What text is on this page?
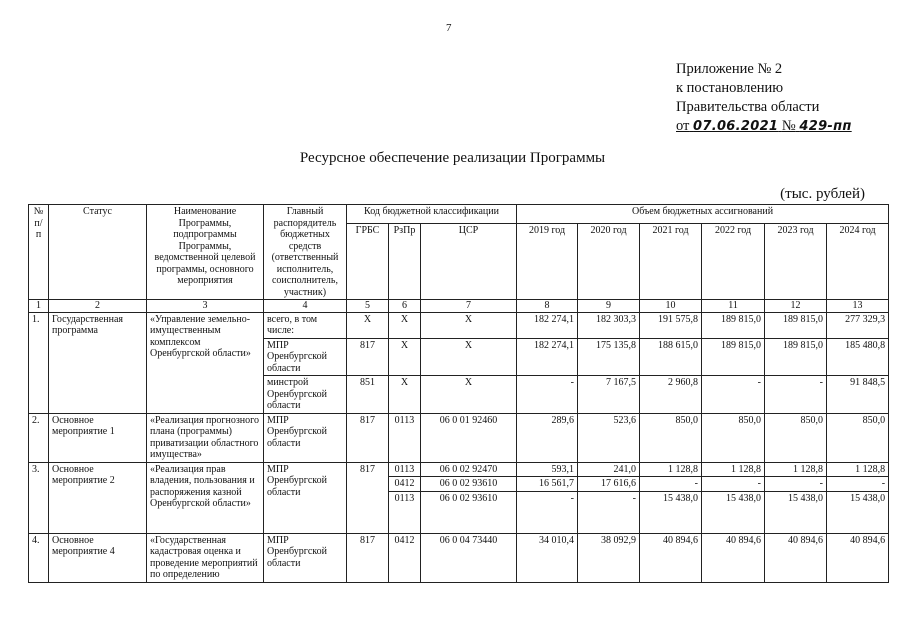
7
Приложение № 2
к постановлению
Правительства области
от 07.06.2021 № 429-пп
Ресурсное обеспечение реализации Программы
(тыс. рублей)
№ п/п	Статус	Наименование Программы, подпрограммы Программы, ведомственной целевой программы, основного мероприятия	Главный распорядитель бюджетных средств (ответственный исполнитель, соисполнитель, участник)	Код бюджетной классификации			Объем бюджетных ассигнований					
				ГРБС	РзПр	ЦСР	2019 год	2020 год	2021 год	2022 год	2023 год	2024 год
1	2	3	4	5	6	7	8	9	10	11	12	13
1.	Государственная программа	«Управление земельно-имущественным комплексом Оренбургской области»	всего, в том числе:	X	X	X	182 274,1	182 303,3	191 575,8	189 815,0	189 815,0	277 329,3
			МПР Оренбургской области	817	X	X	182 274,1	175 135,8	188 615,0	189 815,0	189 815,0	185 480,8
			минстрой Оренбургской области	851	X	X	-	7 167,5	2 960,8	-	-	91 848,5
2.	Основное мероприятие 1	«Реализация прогнозного плана (программы) приватизации областного имущества»	МПР Оренбургской области	817	0113	06 0 01 92460	289,6	523,6	850,0	850,0	850,0	850,0
3.	Основное мероприятие 2	«Реализация прав владения, пользования и распоряжения казной Оренбургской области»	МПР Оренбургской области	817	0113	06 0 02 92470	593,1	241,0	1 128,8	1 128,8	1 128,8	1 128,8
					0412	06 0 02 93610	16 561,7	17 616,6	-	-	-	-
					0113	06 0 02 93610	-	-	15 438,0	15 438,0	15 438,0	15 438,0
4.	Основное мероприятие 4	«Государственная кадастровая оценка и проведение мероприятий по определению	МПР Оренбургской области	817	0412	06 0 04 73440	34 010,4	38 092,9	40 894,6	40 894,6	40 894,6	40 894,6
